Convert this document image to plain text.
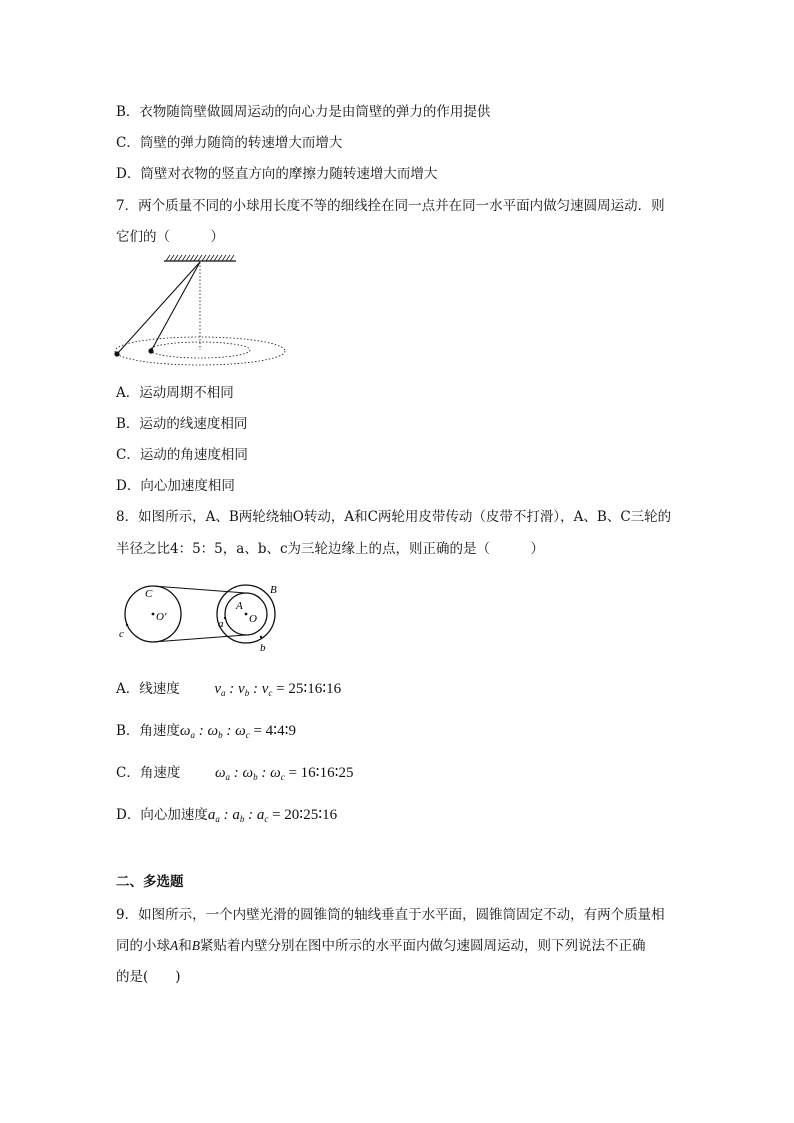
B．衣物随筒壁做圆周运动的向心力是由筒壁的弹力的作用提供
C．筒壁的弹力随筒的转速增大而增大
D．筒壁对衣物的竖直方向的摩擦力随转速增大而增大
7．两个质量不同的小球用长度不等的细线拴在同一点并在同一水平面内做匀速圆周运动．则
它们的（　　　）
A．运动周期不相同
B．运动的线速度相同
C．运动的角速度相同
D．向心加速度相同
8．如图所示，A、B两轮绕轴O转动，A和C两轮用皮带传动（皮带不打滑），A、B、C三轮的
半径之比4：5：5，a、b、c为三轮边缘上的点，则正确的是（　　　）
C
O′
c
A
O
a
b
B
A．线速度 $v_a$ : $v_b$ : $v_c$ = 25∶16∶16
B．角速度$\omega_a$ : $\omega_b$ : $\omega_c$ = 4∶4∶9
C．角速度 $\omega_a$ : $\omega_b$ : $\omega_c$ = 16∶16∶25
D．向心加速度$a_a$ : $a_b$ : $a_c$ = 20∶25∶16
二、多选题
9．如图所示，一个内壁光滑的圆锥筒的轴线垂直于水平面，圆锥筒固定不动，有两个质量相
同的小球A和B紧贴着内壁分别在图中所示的水平面内做匀速圆周运动，则下列说法不正确
的是(　　)
